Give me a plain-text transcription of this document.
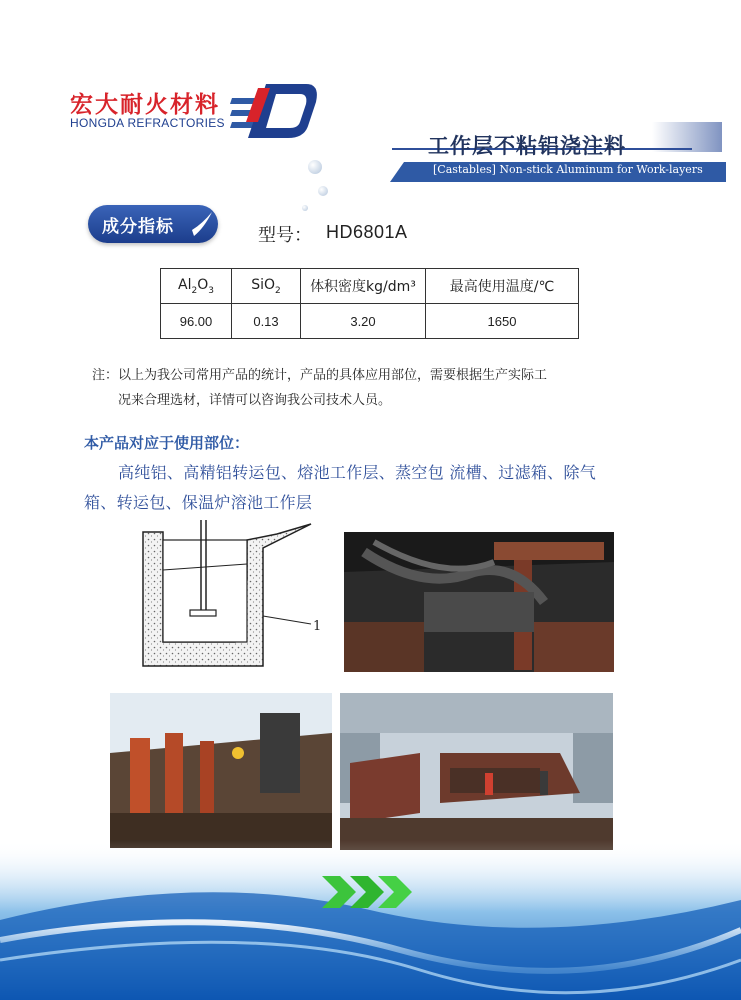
宏大耐火材料
HONGDA REFRACTORIES
工作层不粘铝浇注料
[Castables] Non-stick Aluminum for Work-layers
成分指标	型号： HD6801A
$Al_2O_3$	SiO$_2$	体积密度kg/dm³	最高使用温度/℃
96.00	0.13	3.20	1650
注：以上为我公司常用产品的统计，产品的具体应用部位，需要根据生产实际工
况来合理选材，详情可以咨询我公司技术人员。
本产品对应于使用部位：
高纯铝、高精铝转运包、熔池工作层、蒸空包 流槽、过滤箱、除气
箱、转运包、保温炉溶池工作层
1
